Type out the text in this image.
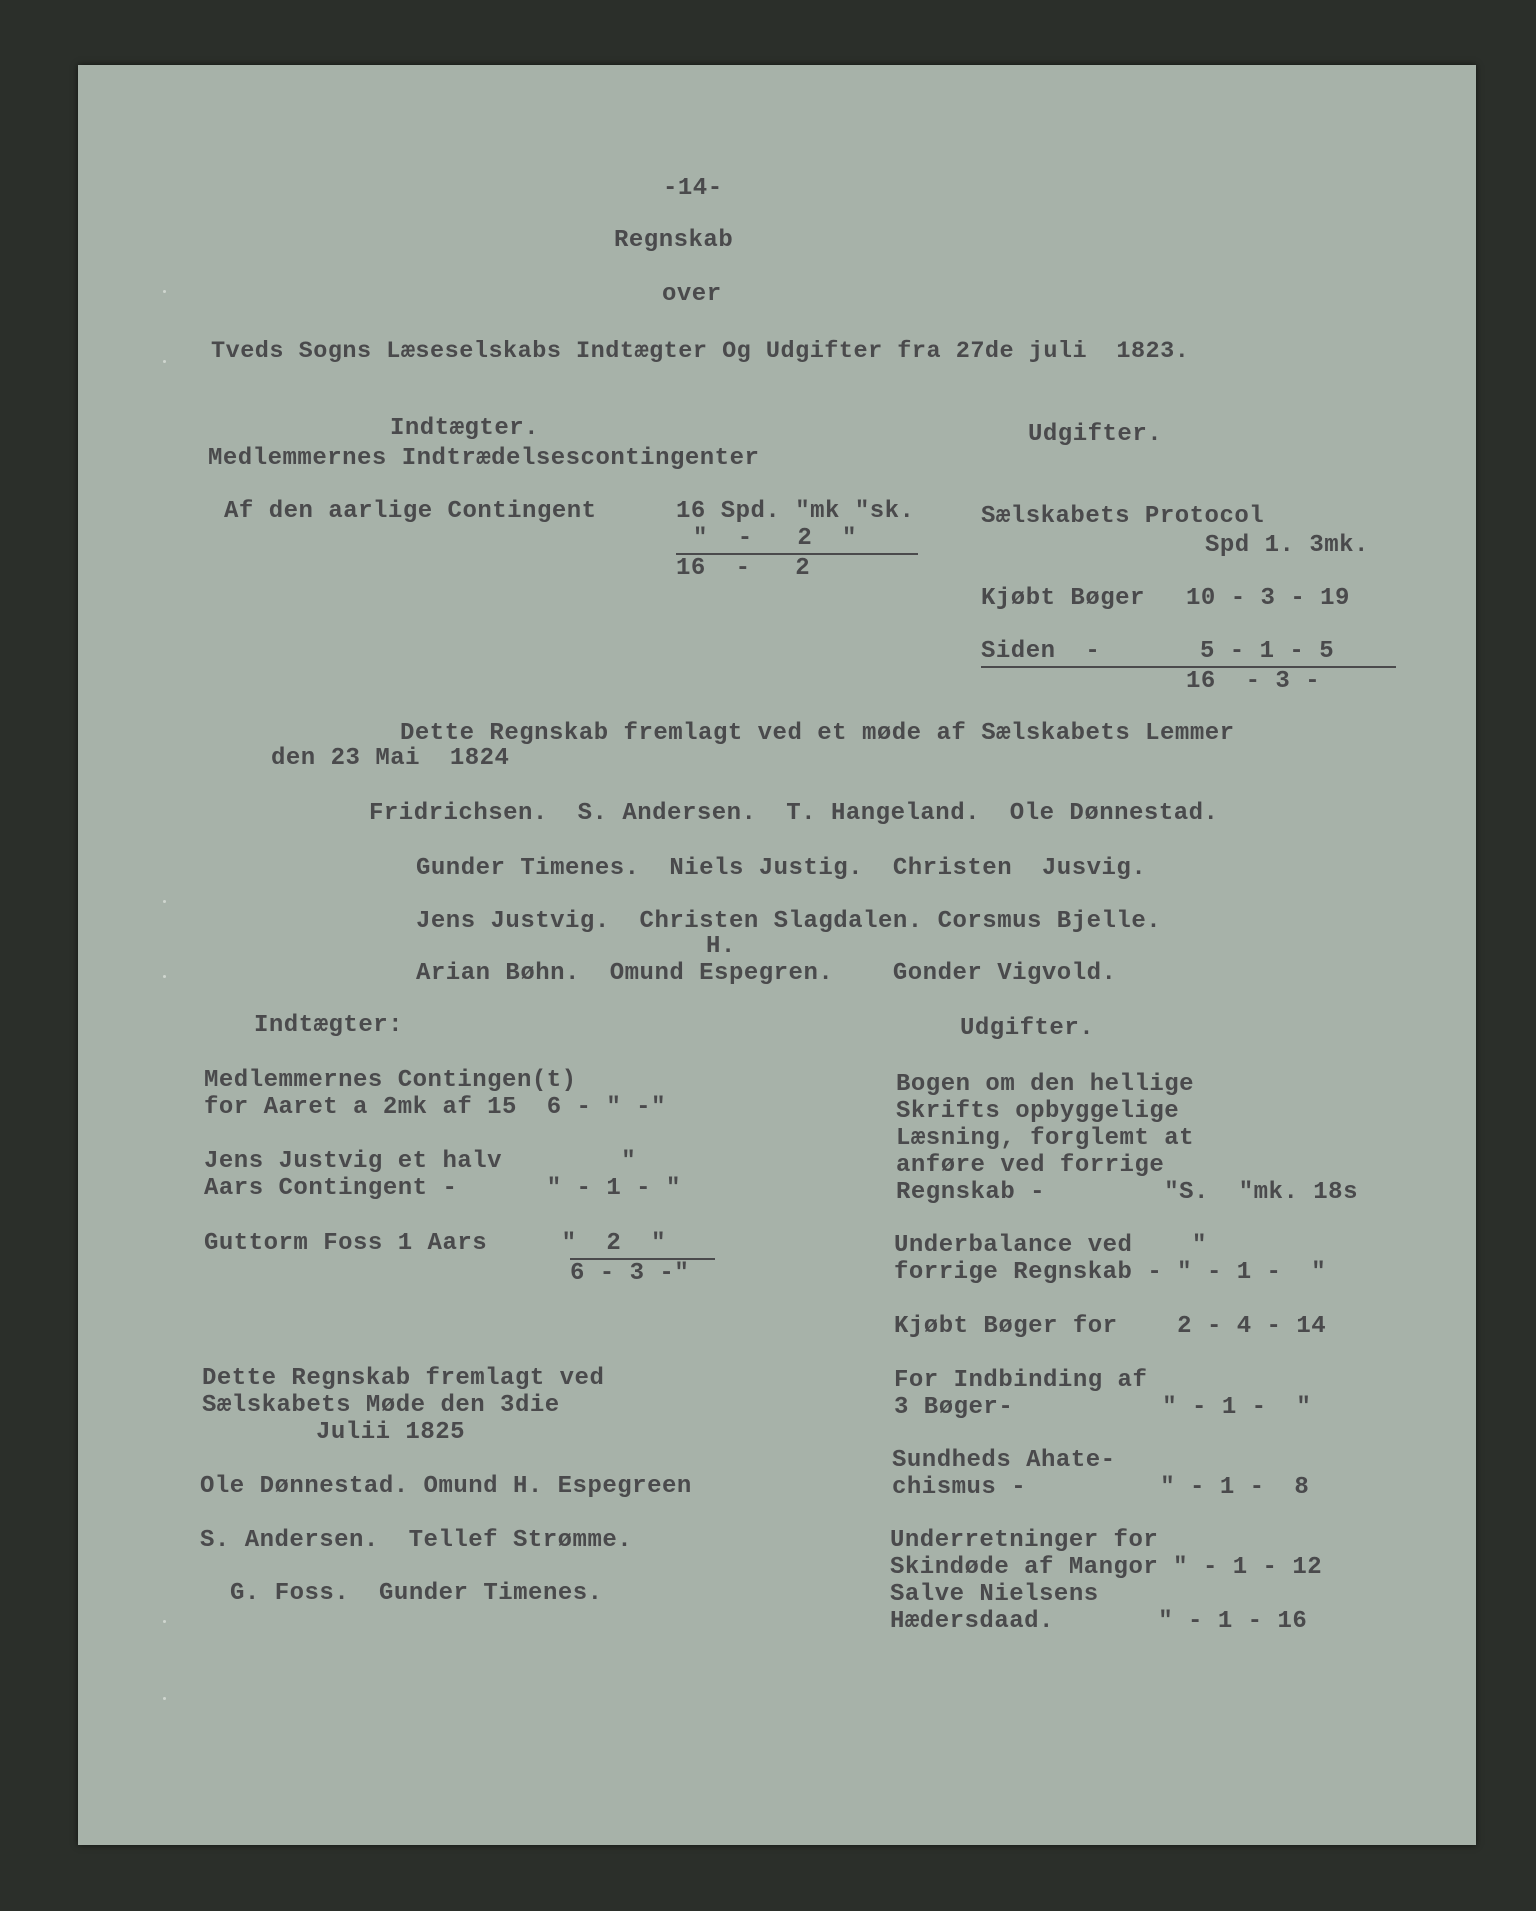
-14-
Regnskab
over
Tveds Sogns Læseselskabs Indtægter Og Udgifter fra 27de juli  1823.
Indtægter.
Medlemmernes Indtrædelsescontingenter
Af den aarlige Contingent	16 Spd. "mk "sk.
"  -   2  "
16  -   2
Udgifter.
Sælskabets Protocol
Spd 1. 3mk.
Kjøbt Bøger 10 - 3 - 19
Siden  -	5 - 1 - 5
16  - 3 -
Dette Regnskab fremlagt ved et møde af Sælskabets Lemmer
den 23 Mai  1824
Fridrichsen.  S. Andersen.  T. Hangeland.  Ole Dønnestad.
Gunder Timenes.  Niels Justig.  Christen  Jusvig.
Jens Justvig.  Christen Slagdalen. Corsmus Bjelle.
H.
Arian Bøhn.  Omund Espegren.    Gonder Vigvold.
Indtægter:	Udgifter.
Medlemmernes Contingen(t)
for Aaret a 2mk af 15  6 - " -"
Jens Justvig et halv        "
Aars Contingent -      " - 1 - "
Guttorm Foss 1 Aars     "  2  "
6 - 3 -"
Dette Regnskab fremlagt ved
Sælskabets Møde den 3die
Julii 1825
Ole Dønnestad. Omund H. Espegreen
S. Andersen.  Tellef Strømme.
G. Foss.  Gunder Timenes.
Bogen om den hellige
Skrifts opbyggelige
Læsning, forglemt at
anføre ved forrige
Regnskab -        "S.  "mk. 18s
Underbalance ved    "
forrige Regnskab - " - 1 -  "
Kjøbt Bøger for    2 - 4 - 14
For Indbinding af
3 Bøger-          " - 1 -  "
Sundheds Ahate-
chismus -         " - 1 -  8
Underretninger for
Skindøde af Mangor " - 1 - 12
Salve Nielsens
Hædersdaad.       " - 1 - 16
